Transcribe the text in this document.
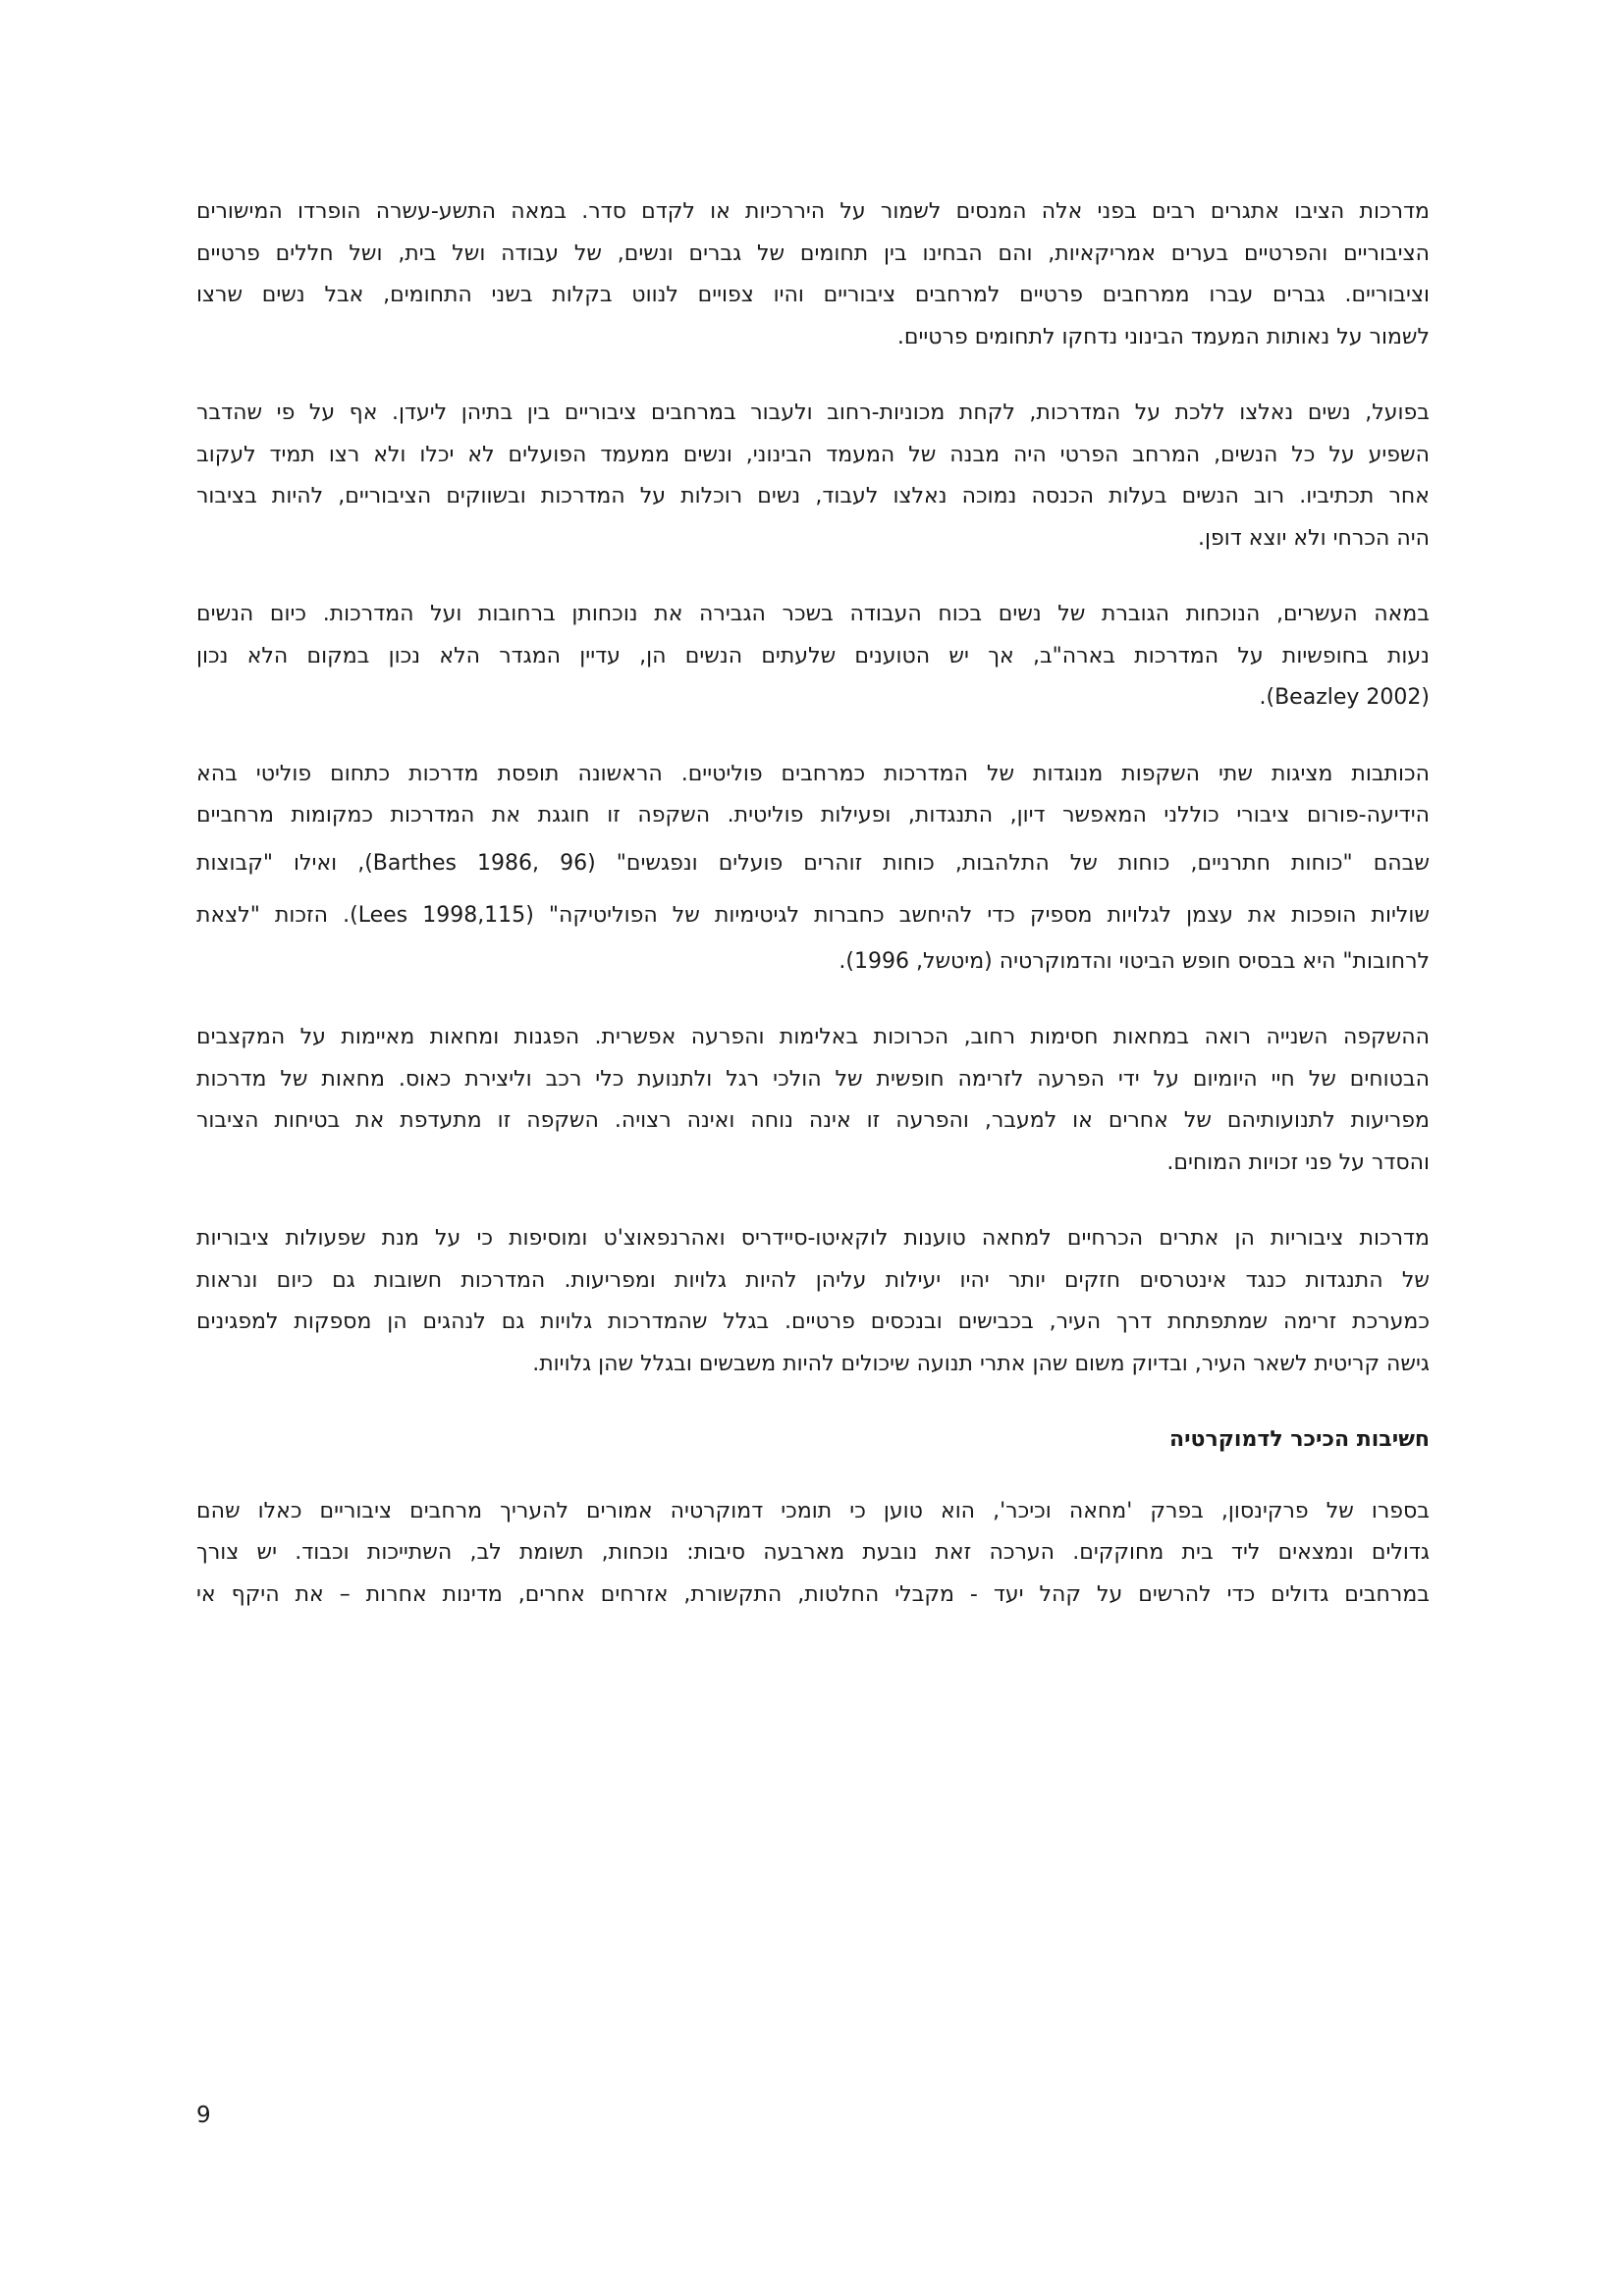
מדרכות הציבו אתגרים רבים בפני אלה המנסים לשמור על היררכיות או לקדם סדר. במאה התשע-עשרה הופרדו המישורים
הציבוריים והפרטיים בערים אמריקאיות, והם הבחינו בין תחומים של גברים ונשים, של עבודה ושל בית, ושל חללים פרטיים
וציבוריים. גברים עברו ממרחבים פרטיים למרחבים ציבוריים והיו צפויים לנווט בקלות בשני התחומים, אבל נשים שרצו
לשמור על נאותות המעמד הבינוני נדחקו לתחומים פרטיים.
בפועל, נשים נאלצו ללכת על המדרכות, לקחת מכוניות-רחוב ולעבור במרחבים ציבוריים בין בתיהן ליעדן. אף על פי שהדבר
השפיע על כל הנשים, המרחב הפרטי היה מבנה של המעמד הבינוני, ונשים ממעמד הפועלים לא יכלו ולא רצו תמיד לעקוב
אחר תכתיביו. רוב הנשים בעלות הכנסה נמוכה נאלצו לעבוד, נשים רוכלות על המדרכות ובשווקים הציבוריים, להיות בציבור
היה הכרחי ולא יוצא דופן.
במאה העשרים, הנוכחות הגוברת של נשים בכוח העבודה בשכר הגבירה את נוכחותן ברחובות ועל המדרכות. כיום הנשים
נעות בחופשיות על המדרכות בארה"ב, אך יש הטוענים שלעתים הנשים הן, עדיין המגדר הלא נכון במקום הלא נכון
(Beazley 2002).
הכותבות מציגות שתי השקפות מנוגדות של המדרכות כמרחבים פוליטיים. הראשונה תופסת מדרכות כתחום פוליטי בהא
הידיעה-פורום ציבורי כוללני המאפשר דיון, התנגדות, ופעילות פוליטית. השקפה זו חוגגת את המדרכות כמקומות מרחביים
שבהם "כוחות חתרניים, כוחות של התלהבות, כוחות זוהרים פועלים ונפגשים" (Barthes 1986, 96), ואילו "קבוצות
שוליות הופכות את עצמן לגלויות מספיק כדי להיחשב כחברות לגיטימיות של הפוליטיקה" (Lees 1998,115). הזכות "לצאת
לרחובות" היא בבסיס חופש הביטוי והדמוקרטיה (מיטשל, 1996).
ההשקפה השנייה רואה במחאות חסימות רחוב, הכרוכות באלימות והפרעה אפשרית. הפגנות ומחאות מאיימות על המקצבים
הבטוחים של חיי היומיום על ידי הפרעה לזרימה חופשית של הולכי רגל ולתנועת כלי רכב וליצירת כאוס. מחאות של מדרכות
מפריעות לתנועותיהם של אחרים או למעבר, והפרעה זו אינה נוחה ואינה רצויה. השקפה זו מתעדפת את בטיחות הציבור
והסדר על פני זכויות המוחים.
מדרכות ציבוריות הן אתרים הכרחיים למחאה טוענות לוקאיטו-סיידריס ואהרנפאוצ'ט ומוסיפות כי על מנת שפעולות ציבוריות
של התנגדות כנגד אינטרסים חזקים יותר יהיו יעילות עליהן להיות גלויות ומפריעות. המדרכות חשובות גם כיום ונראות
כמערכת זרימה שמתפתחת דרך העיר, בכבישים ובנכסים פרטיים. בגלל שהמדרכות גלויות גם לנהגים הן מספקות למפגינים
גישה קריטית לשאר העיר, ובדיוק משום שהן אתרי תנועה שיכולים להיות משבשים ובגלל שהן גלויות.
חשיבות הכיכר לדמוקרטיה
בספרו של פרקינסון, בפרק 'מחאה וכיכר', הוא טוען כי תומכי דמוקרטיה אמורים להעריך מרחבים ציבוריים כאלו שהם
גדולים ונמצאים ליד בית מחוקקים. הערכה זאת נובעת מארבעה סיבות: נוכחות, תשומת לב, השתייכות וכבוד. יש צורך
במרחבים גדולים כדי להרשים על קהל יעד - מקבלי החלטות, התקשורת, אזרחים אחרים, מדינות אחרות – את היקף אי
9
